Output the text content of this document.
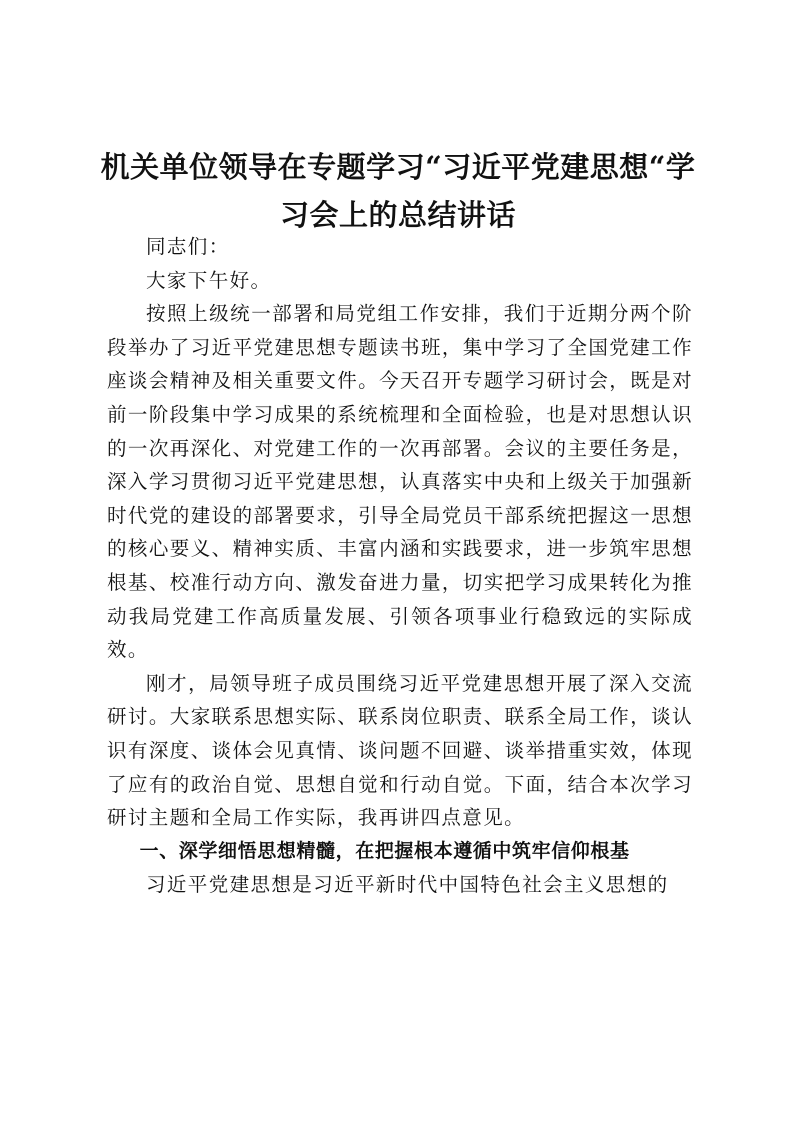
机关单位领导在专题学习“习近平党建思想“学习会上的总结讲话

同志们：

大家下午好。

按照上级统一部署和局党组工作安排，我们于近期分两个阶段举办了习近平党建思想专题读书班，集中学习了全国党建工作座谈会精神及相关重要文件。今天召开专题学习研讨会，既是对前一阶段集中学习成果的系统梳理和全面检验，也是对思想认识的一次再深化、对党建工作的一次再部署。会议的主要任务是，深入学习贯彻习近平党建思想，认真落实中央和上级关于加强新时代党的建设的部署要求，引导全局党员干部系统把握这一思想的核心要义、精神实质、丰富内涵和实践要求，进一步筑牢思想根基、校准行动方向、激发奋进力量，切实把学习成果转化为推动我局党建工作高质量发展、引领各项事业行稳致远的实际成效。

刚才，局领导班子成员围绕习近平党建思想开展了深入交流研讨。大家联系思想实际、联系岗位职责、联系全局工作，谈认识有深度、谈体会见真情、谈问题不回避、谈举措重实效，体现了应有的政治自觉、思想自觉和行动自觉。下面，结合本次学习研讨主题和全局工作实际，我再讲四点意见。

一、深学细悟思想精髓，在把握根本遵循中筑牢信仰根基

习近平党建思想是习近平新时代中国特色社会主义思想的
